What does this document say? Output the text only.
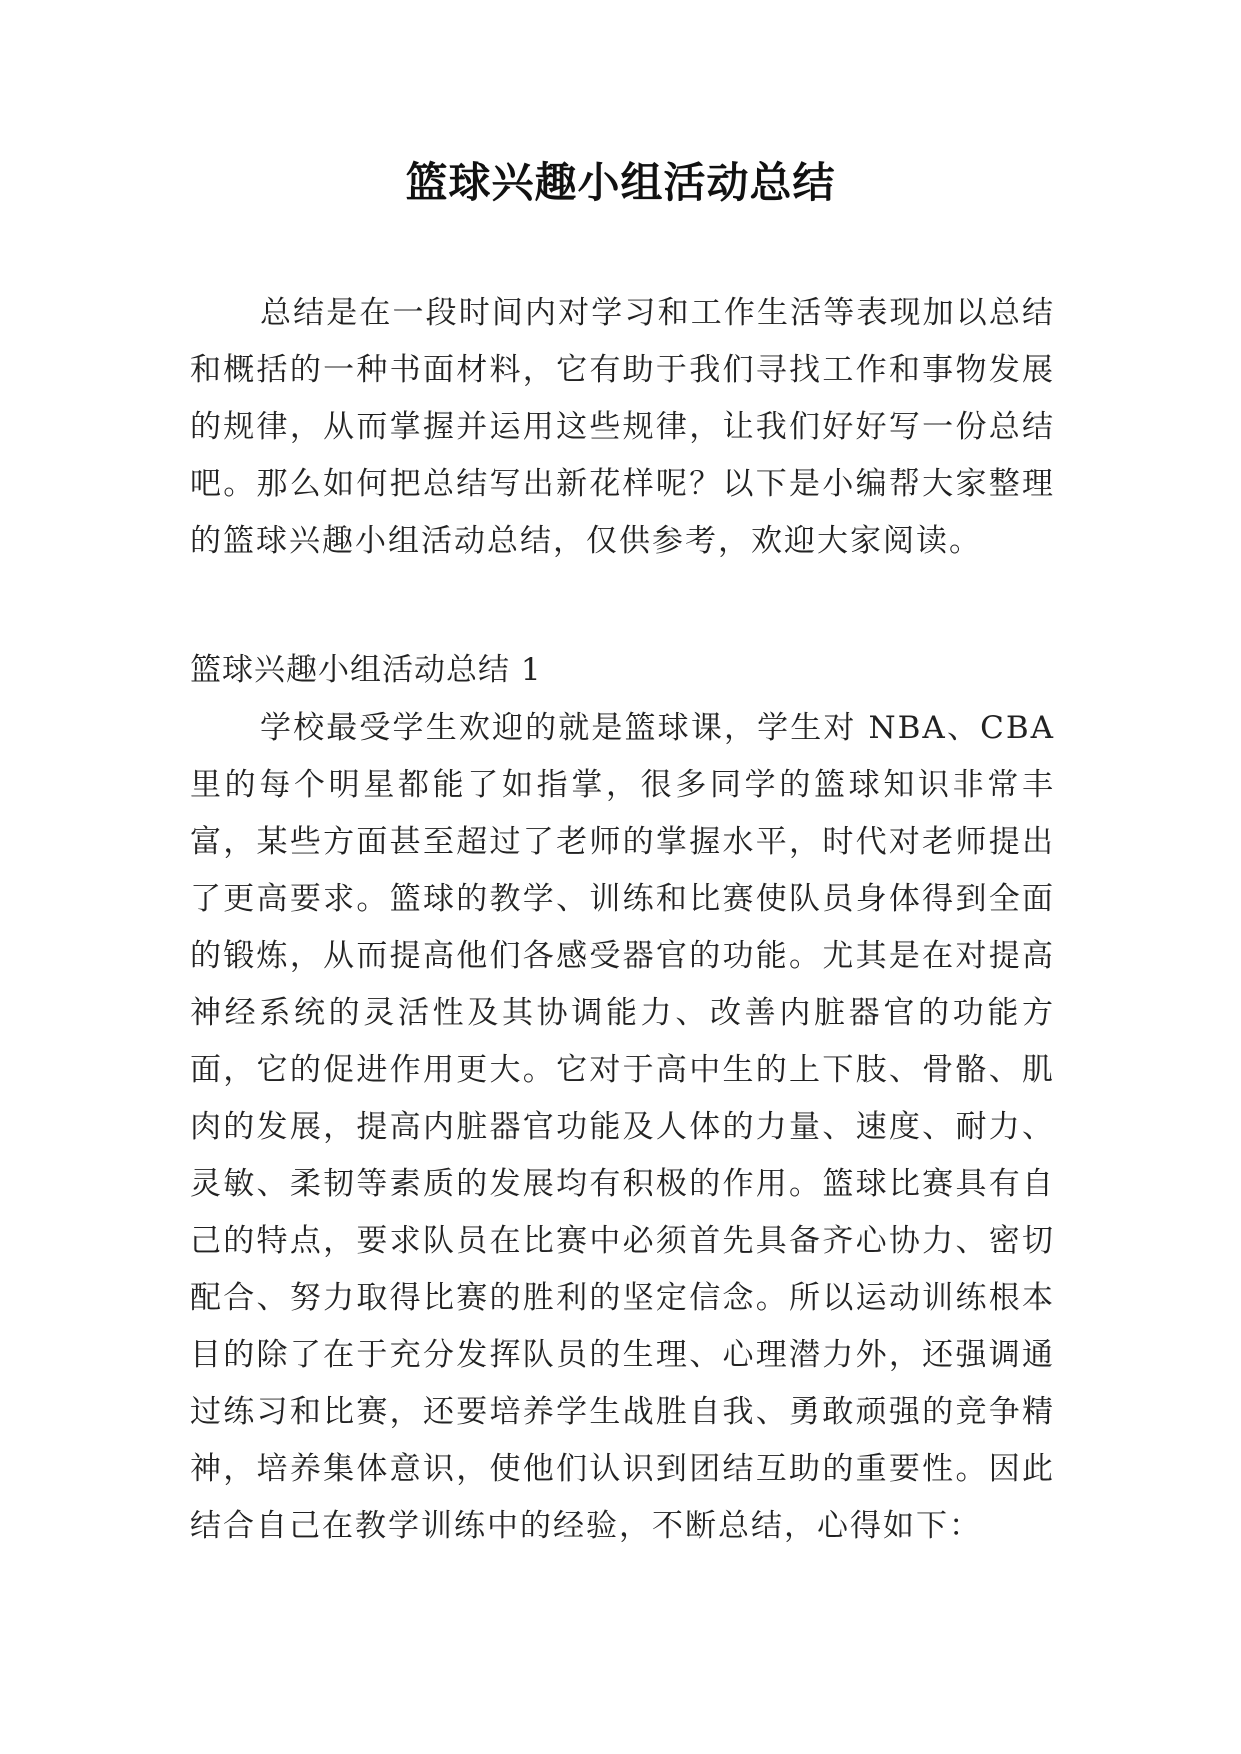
篮球兴趣小组活动总结

总结是在一段时间内对学习和工作生活等表现加以总结和概括的一种书面材料，它有助于我们寻找工作和事物发展的规律，从而掌握并运用这些规律，让我们好好写一份总结吧。那么如何把总结写出新花样呢？以下是小编帮大家整理的篮球兴趣小组活动总结，仅供参考，欢迎大家阅读。

篮球兴趣小组活动总结 1

学校最受学生欢迎的就是篮球课，学生对 NBA、CBA 里的每个明星都能了如指掌，很多同学的篮球知识非常丰富，某些方面甚至超过了老师的掌握水平，时代对老师提出了更高要求。篮球的教学、训练和比赛使队员身体得到全面的锻炼，从而提高他们各感受器官的功能。尤其是在对提高神经系统的灵活性及其协调能力、改善内脏器官的功能方面，它的促进作用更大。它对于高中生的上下肢、骨骼、肌肉的发展，提高内脏器官功能及人体的力量、速度、耐力、灵敏、柔韧等素质的发展均有积极的作用。篮球比赛具有自己的特点，要求队员在比赛中必须首先具备齐心协力、密切配合、努力取得比赛的胜利的坚定信念。所以运动训练根本目的除了在于充分发挥队员的生理、心理潜力外，还强调通过练习和比赛，还要培养学生战胜自我、勇敢顽强的竞争精神，培养集体意识，使他们认识到团结互助的重要性。因此结合自己在教学训练中的经验，不断总结，心得如下：
